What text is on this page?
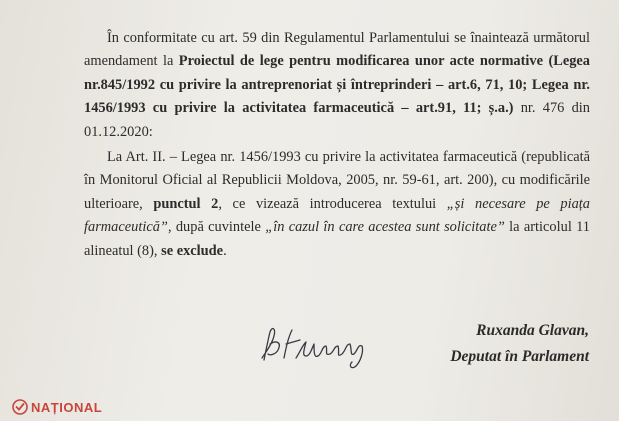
În conformitate cu art. 59 din Regulamentul Parlamentului se înaintează următorul amendament la Proiectul de lege pentru modificarea unor acte normative (Legea nr.845/1992 cu privire la antreprenoriat și întreprinderi – art.6, 71, 10; Legea nr. 1456/1993 cu privire la activitatea farmaceutică – art.91, 11; ș.a.) nr. 476 din 01.12.2020:

La Art. II. – Legea nr. 1456/1993 cu privire la activitatea farmaceutică (republicată în Monitorul Oficial al Republicii Moldova, 2005, nr. 59-61, art. 200), cu modificările ulterioare, punctul 2, ce vizează introducerea textului „și necesare pe piața farmaceutică”, după cuvintele „în cazul în care acestea sunt solicitate” la articolul 11 alineatul (8), se exclude.

Ruxanda Glavan,
Deputat în Parlament
NAȚIONAL
